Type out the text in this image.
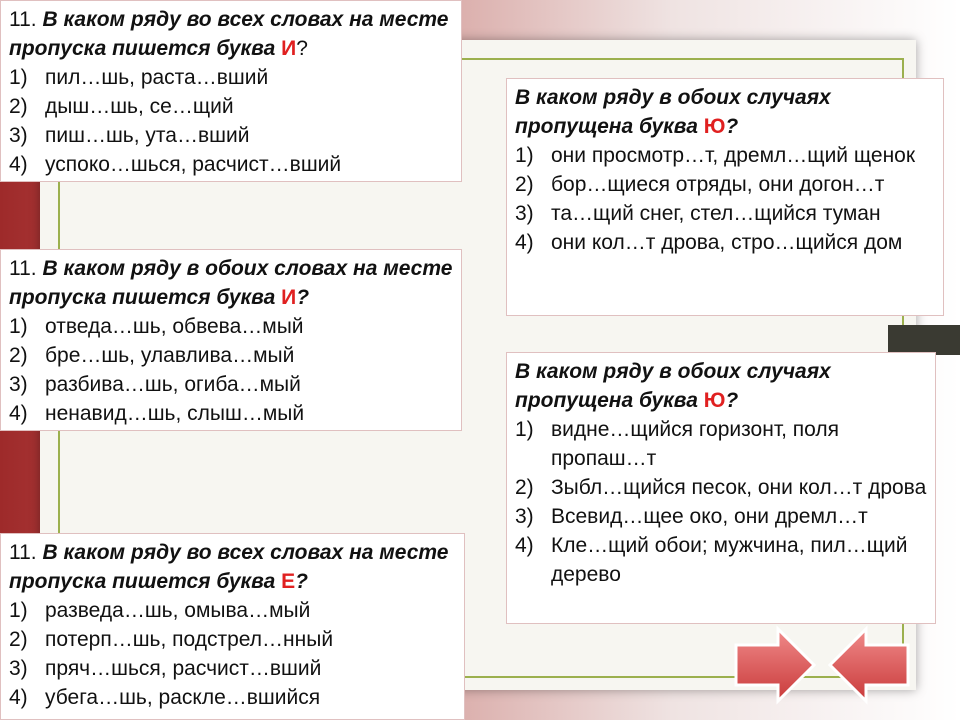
11. В каком ряду во всех словах на месте пропуска пишется буква И?
1) пил…шь, раста…вший
2) дыш…шь, се…щий
3) пиш…шь, ута…вший
4) успоко…шься, расчист…вший
11. В каком ряду в обоих словах на месте пропуска пишется буква И?
1) отведа…шь, обвева…мый
2) бре…шь, улавлива…мый
3) разбива…шь, огиба…мый
4) ненавид…шь, слыш…мый
11. В каком ряду во всех словах на месте пропуска пишется буква Е?
1) разведа…шь, омыва…мый
2) потерп…шь, подстрел…нный
3) пряч…шься, расчист…вший
4) убега…шь, раскле…вшийся
В каком ряду в обоих случаях пропущена буква Ю?
1) они просмотр…т, дремл…щий щенок
2) бор…щиеся отряды, они догон…т
3) та…щий снег, стел…щийся туман
4) они кол…т дрова, стро…щийся дом
В каком ряду в обоих случаях пропущена буква Ю?
1) видне…щийся горизонт, поля пропаш…т
2) Зыбл…щийся песок, они кол…т дрова
3) Всевид…щее око, они дремл…т
4) Кле…щий обои; мужчина, пил…щий дерево
